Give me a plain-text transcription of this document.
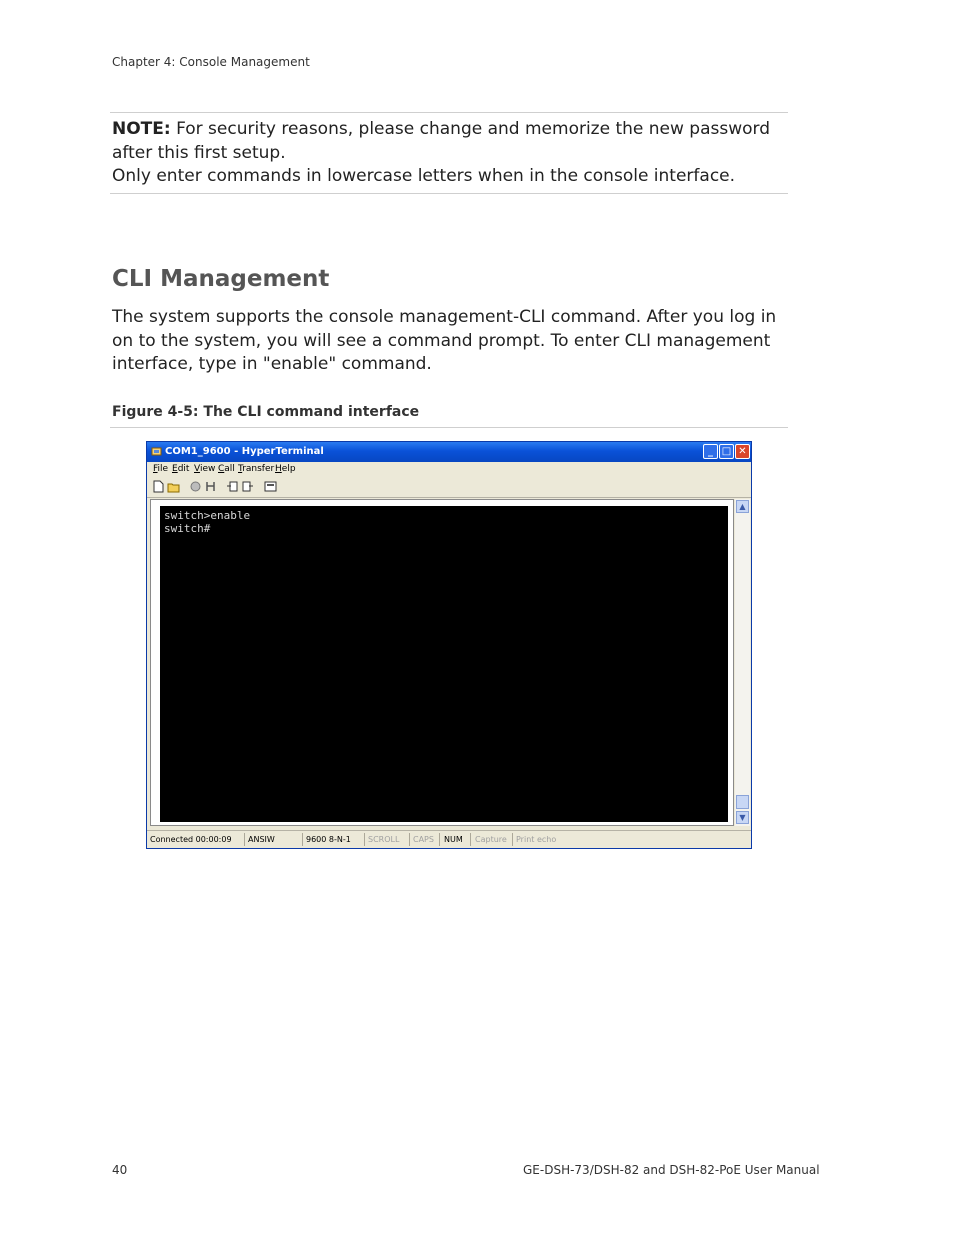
Chapter 4: Console Management
NOTE: For security reasons, please change and memorize the new password after this first setup.
Only enter commands in lowercase letters when in the console interface.
CLI Management
The system supports the console management-CLI command. After you log in on to the system, you will see a command prompt. To enter CLI management interface, type in "enable" command.
Figure 4-5: The CLI command interface
COM1_9600 - HyperTerminal	_ □ ✕
File Edit View Call Transfer Help
switch>enable
switch#
▲
▼
Connected 00:00:09 ANSIW	9600 8-N-1 SCROLL CAPS NUM Capture Print echo
40	GE-DSH-73/DSH-82 and DSH-82-PoE User Manual
